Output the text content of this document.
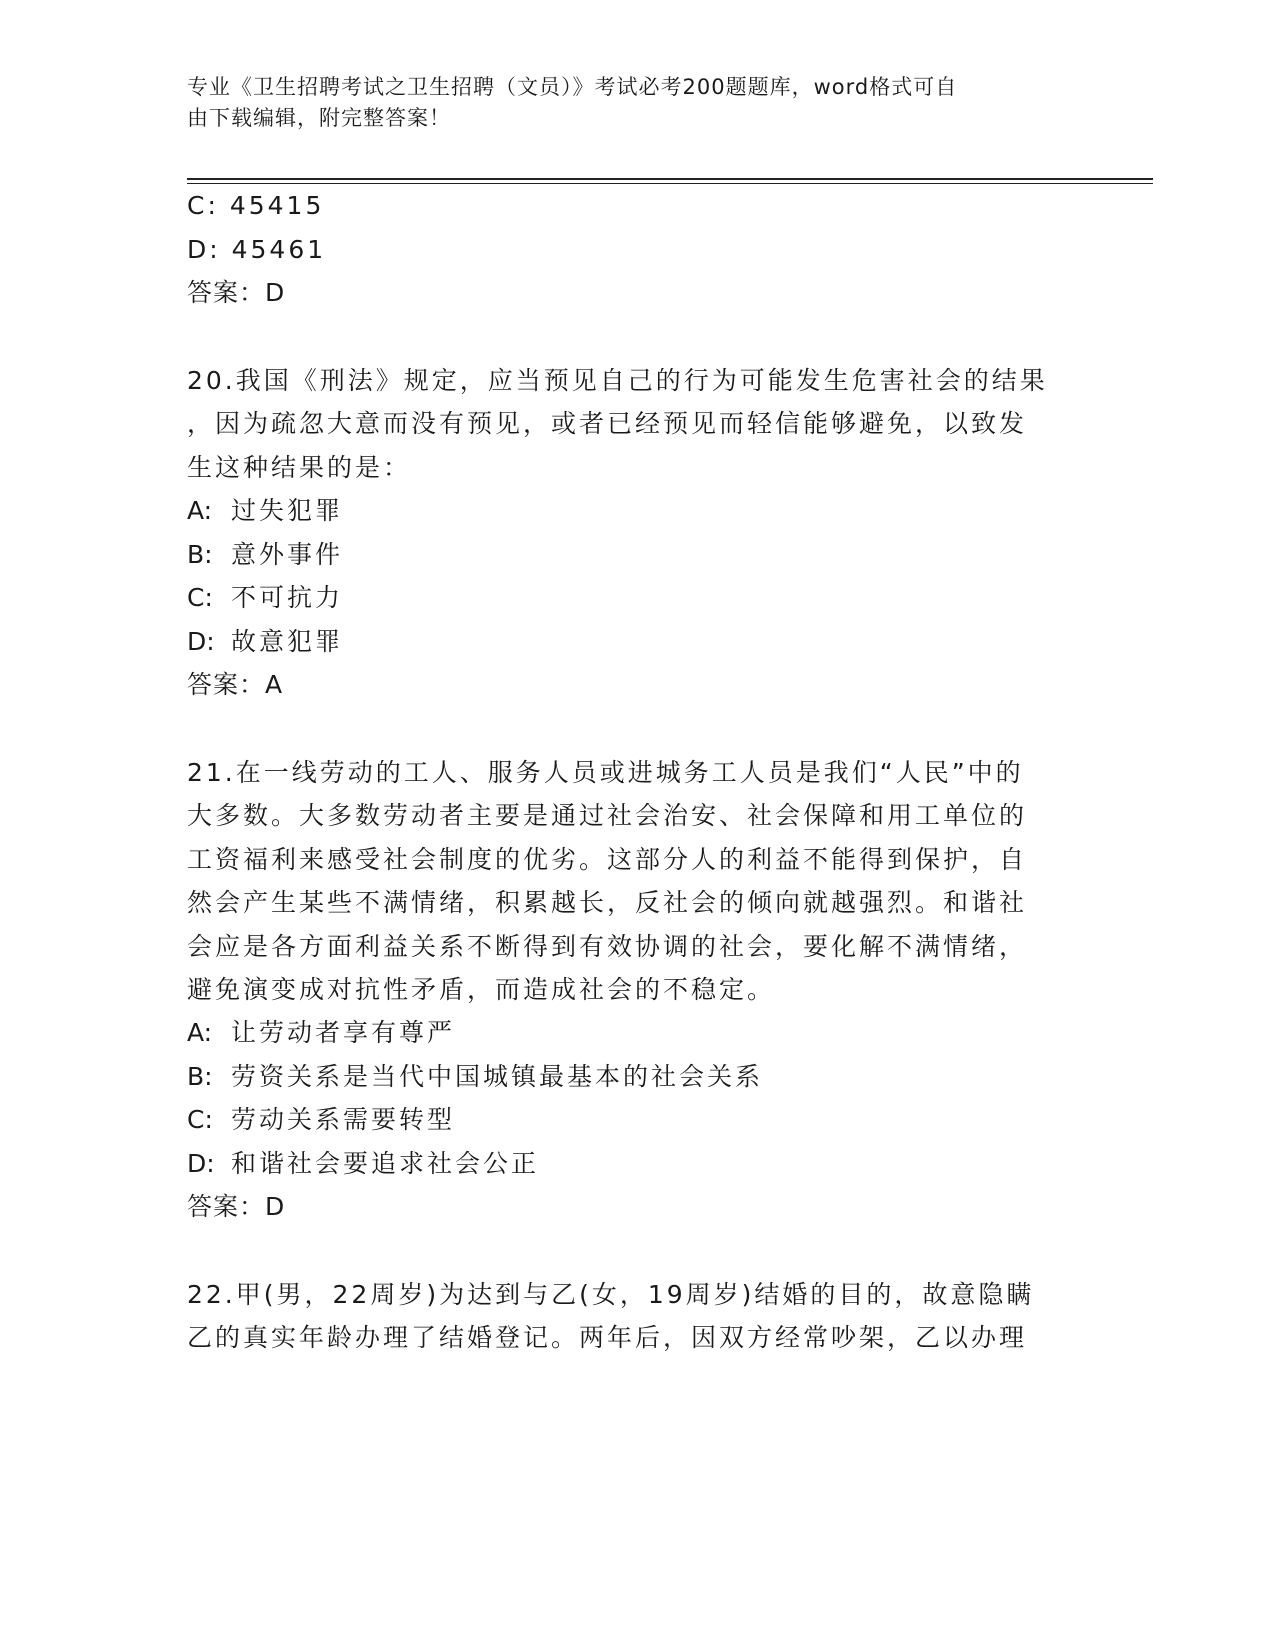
专业《卫生招聘考试之卫生招聘（文员）》考试必考200题题库，word格式可自
由下载编辑，附完整答案！
C: 45415
D: 45461
答案：D
20.我国《刑法》规定，应当预见自己的行为可能发生危害社会的结果
，因为疏忽大意而没有预见，或者已经预见而轻信能够避免，以致发
生这种结果的是：
A: 过失犯罪
B: 意外事件
C: 不可抗力
D: 故意犯罪
答案：A
21.在一线劳动的工人、服务人员或进城务工人员是我们“人民”中的
大多数。大多数劳动者主要是通过社会治安、社会保障和用工单位的
工资福利来感受社会制度的优劣。这部分人的利益不能得到保护，自
然会产生某些不满情绪，积累越长，反社会的倾向就越强烈。和谐社
会应是各方面利益关系不断得到有效协调的社会，要化解不满情绪，
避免演变成对抗性矛盾，而造成社会的不稳定。
A: 让劳动者享有尊严
B: 劳资关系是当代中国城镇最基本的社会关系
C: 劳动关系需要转型
D: 和谐社会要追求社会公正
答案：D
22.甲(男，22周岁)为达到与乙(女，19周岁)结婚的目的，故意隐瞒
乙的真实年龄办理了结婚登记。两年后，因双方经常吵架，乙以办理
